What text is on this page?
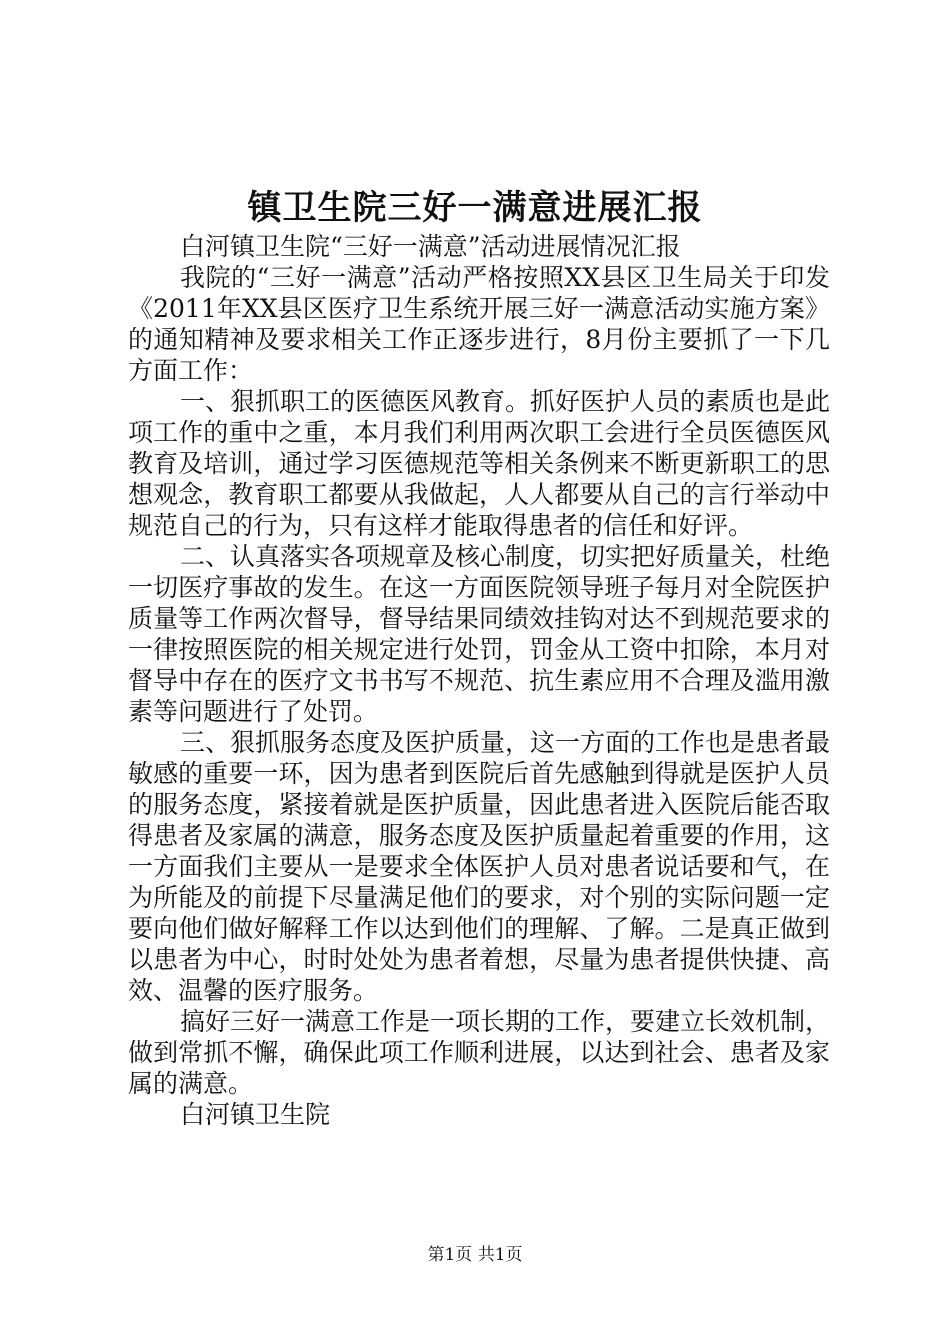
镇卫生院三好一满意进展汇报

白河镇卫生院“三好一满意”活动进展情况汇报

我院的“三好一满意”活动严格按照XX县区卫生局关于印发《2011年XX县区医疗卫生系统开展三好一满意活动实施方案》的通知精神及要求相关工作正逐步进行，8月份主要抓了一下几方面工作：

一、狠抓职工的医德医风教育。抓好医护人员的素质也是此项工作的重中之重，本月我们利用两次职工会进行全员医德医风教育及培训，通过学习医德规范等相关条例来不断更新职工的思想观念，教育职工都要从我做起，人人都要从自己的言行举动中规范自己的行为，只有这样才能取得患者的信任和好评。

二、认真落实各项规章及核心制度，切实把好质量关，杜绝一切医疗事故的发生。在这一方面医院领导班子每月对全院医护质量等工作两次督导，督导结果同绩效挂钩对达不到规范要求的一律按照医院的相关规定进行处罚，罚金从工资中扣除，本月对督导中存在的医疗文书书写不规范、抗生素应用不合理及滥用激素等问题进行了处罚。

三、狠抓服务态度及医护质量，这一方面的工作也是患者最敏感的重要一环，因为患者到医院后首先感触到得就是医护人员的服务态度，紧接着就是医护质量，因此患者进入医院后能否取得患者及家属的满意，服务态度及医护质量起着重要的作用，这一方面我们主要从一是要求全体医护人员对患者说话要和气，在为所能及的前提下尽量满足他们的要求，对个别的实际问题一定要向他们做好解释工作以达到他们的理解、了解。二是真正做到以患者为中心，时时处处为患者着想，尽量为患者提供快捷、高效、温馨的医疗服务。

搞好三好一满意工作是一项长期的工作，要建立长效机制，做到常抓不懈，确保此项工作顺利进展，以达到社会、患者及家属的满意。

白河镇卫生院

第1页 共1页
